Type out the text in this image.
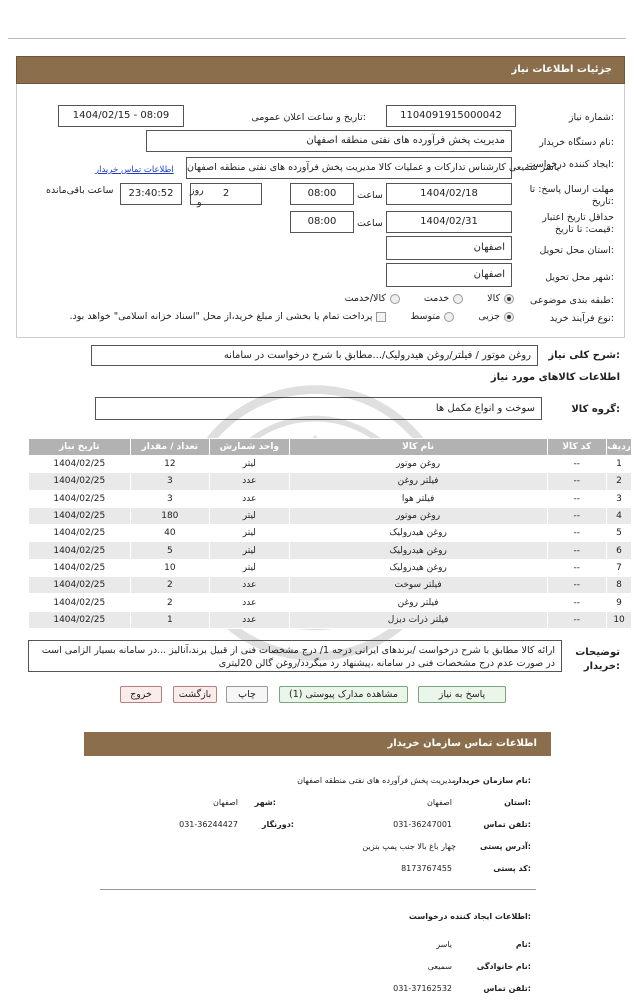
جزئیات اطلاعات نیاز
شماره نیاز:
1104091915000042
تاریخ و ساعت اعلان عمومی:
1404/02/15 - 08:09
نام دستگاه خریدار:
مدیریت پخش فرآورده های نفتی منطقه اصفهان
ایجاد کننده درخواست:
یاسر سمیعی کارشناس تدارکات و عملیات کالا مدیریت پخش فرآورده های نفتی منطقه اصفهان
اطلاعات تماس خریدار
مهلت ارسال پاسخ: تا تاریخ:
1404/02/18
ساعت
08:00
2
روز
و
23:40:52
ساعت باقی‌مانده
حداقل تاریخ اعتبار قیمت: تا تاریخ:
1404/02/31
ساعت
08:00
استان محل تحویل:
اصفهان
شهر محل تحویل:
اصفهان
طبقه بندی موضوعی:
کالا
خدمت
کالا/خدمت
نوع فرآیند خرید:
جزیی
متوسط
پرداخت تمام یا بخشی از مبلغ خرید،از محل "اسناد خزانه اسلامی" خواهد بود.
شرح کلی نیاز:
روغن موتور / فیلتر/روغن هیدرولیک/...مطابق با شرح درخواست در سامانه
اطلاعات کالاهای مورد نیاز
گروه کالا:
سوخت و انواع مکمل ها
ردیف	کد کالا	نام کالا	واحد شمارش	تعداد / مقدار	تاریخ نیاز
1	--	روغن موتور	لیتر	12	1404/02/25
2	--	فیلتر روغن	عدد	3	1404/02/25
3	--	فیلتر هوا	عدد	3	1404/02/25
4	--	روغن موتور	لیتر	180	1404/02/25
5	--	روغن هیدرولیک	لیتر	40	1404/02/25
6	--	روغن هیدرولیک	لیتر	5	1404/02/25
7	--	روغن هیدرولیک	لیتر	10	1404/02/25
8	--	فیلتر سوخت	عدد	2	1404/02/25
9	--	فیلتر روغن	عدد	2	1404/02/25
10	--	فیلتر ذرات دیزل	عدد	1	1404/02/25
توضیحات خریدار:
ارائه کالا مطابق با شرح درخواست /برندهای ایرانی درجه 1/ درج مشخصات فنی از قبیل برند،آنالیز ...در سامانه بسیار الزامی است در صورت عدم درج مشخصات فنی در سامانه ،پیشنهاد رد میگردد/روغن گالن 20لیتری
پاسخ به نیاز
مشاهده مدارک پیوستی (1)
چاپ
بازگشت
خروج
اطلاعات تماس سازمان خریدار
نام سازمان خریدار:
مدیریت پخش فرآورده های نفتی منطقه اصفهان
استان:
اصفهان
شهر:
اصفهان
تلفن تماس:
031-36247001
دورنگار:
031-36244427
آدرس پستی:
چهار باغ بالا جنب پمپ بنزین
کد پستی:
8173767455
اطلاعات ایجاد کننده درخواست:
نام:
یاسر
نام خانوادگی:
سمیعی
تلفن تماس:
031-37162532
